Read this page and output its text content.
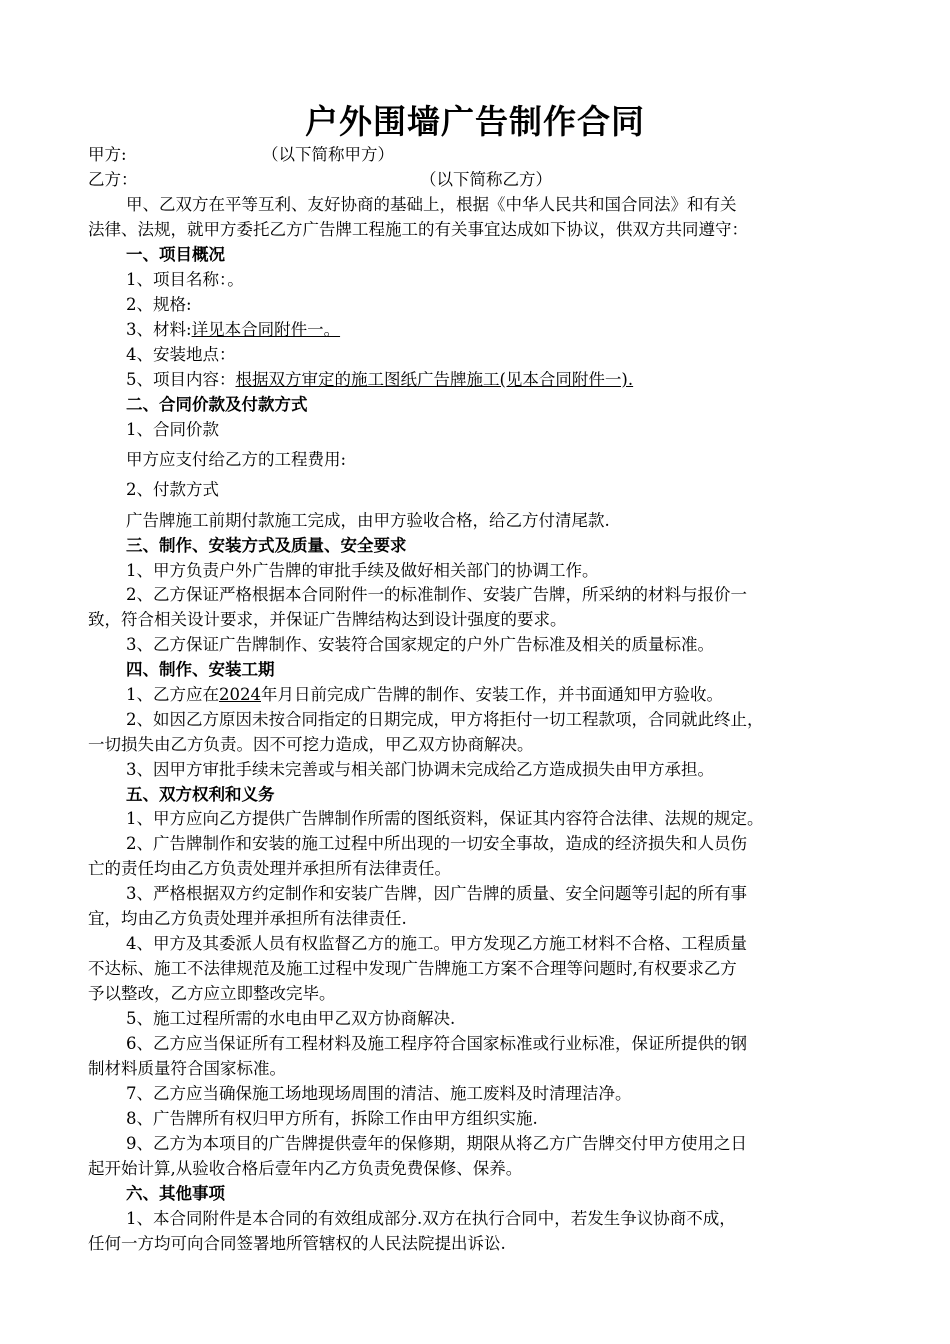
户外围墙广告制作合同
甲方:	（以下简称甲方）
乙方：	（以下简称乙方）
甲、乙双方在平等互利、友好协商的基础上，根据《中华人民共和国合同法》和有关
法律、法规，就甲方委托乙方广告牌工程施工的有关事宜达成如下协议，供双方共同遵守：
一、项目概况
1、项目名称：。
2、规格:
3、材料:详见本合同附件一。
4、安装地点：
5、项目内容：根据双方审定的施工图纸广告牌施工(见本合同附件一).
二、合同价款及付款方式
1、合同价款
甲方应支付给乙方的工程费用:
2、付款方式
广告牌施工前期付款施工完成，由甲方验收合格，给乙方付清尾款.
三、制作、安装方式及质量、安全要求
1、甲方负责户外广告牌的审批手续及做好相关部门的协调工作。
2、乙方保证严格根据本合同附件一的标准制作、安装广告牌，所采纳的材料与报价一
致，符合相关设计要求，并保证广告牌结构达到设计强度的要求。
3、乙方保证广告牌制作、安装符合国家规定的户外广告标准及相关的质量标准。
四、制作、安装工期
1、乙方应在2024年月日前完成广告牌的制作、安装工作，并书面通知甲方验收。
2、如因乙方原因未按合同指定的日期完成，甲方将拒付一切工程款项，合同就此终止，
一切损失由乙方负责。因不可挖力造成，甲乙双方协商解决。
3、因甲方审批手续未完善或与相关部门协调未完成给乙方造成损失由甲方承担。
五、双方权利和义务
1、甲方应向乙方提供广告牌制作所需的图纸资料，保证其内容符合法律、法规的规定。
2、广告牌制作和安装的施工过程中所出现的一切安全事故，造成的经济损失和人员伤
亡的责任均由乙方负责处理并承担所有法律责任。
3、严格根据双方约定制作和安装广告牌，因广告牌的质量、安全问题等引起的所有事
宜，均由乙方负责处理并承担所有法律责任.
4、甲方及其委派人员有权监督乙方的施工。甲方发现乙方施工材料不合格、工程质量
不达标、施工不法律规范及施工过程中发现广告牌施工方案不合理等问题时,有权要求乙方
予以整改，乙方应立即整改完毕。
5、施工过程所需的水电由甲乙双方协商解决.
6、乙方应当保证所有工程材料及施工程序符合国家标准或行业标准，保证所提供的钢
制材料质量符合国家标准。
7、乙方应当确保施工场地现场周围的清洁、施工废料及时清理洁净。
8、广告牌所有权归甲方所有，拆除工作由甲方组织实施.
9、乙方为本项目的广告牌提供壹年的保修期，期限从将乙方广告牌交付甲方使用之日
起开始计算,从验收合格后壹年内乙方负责免费保修、保养。
六、其他事项
1、本合同附件是本合同的有效组成部分.双方在执行合同中，若发生争议协商不成，
任何一方均可向合同签署地所管辖权的人民法院提出诉讼.
